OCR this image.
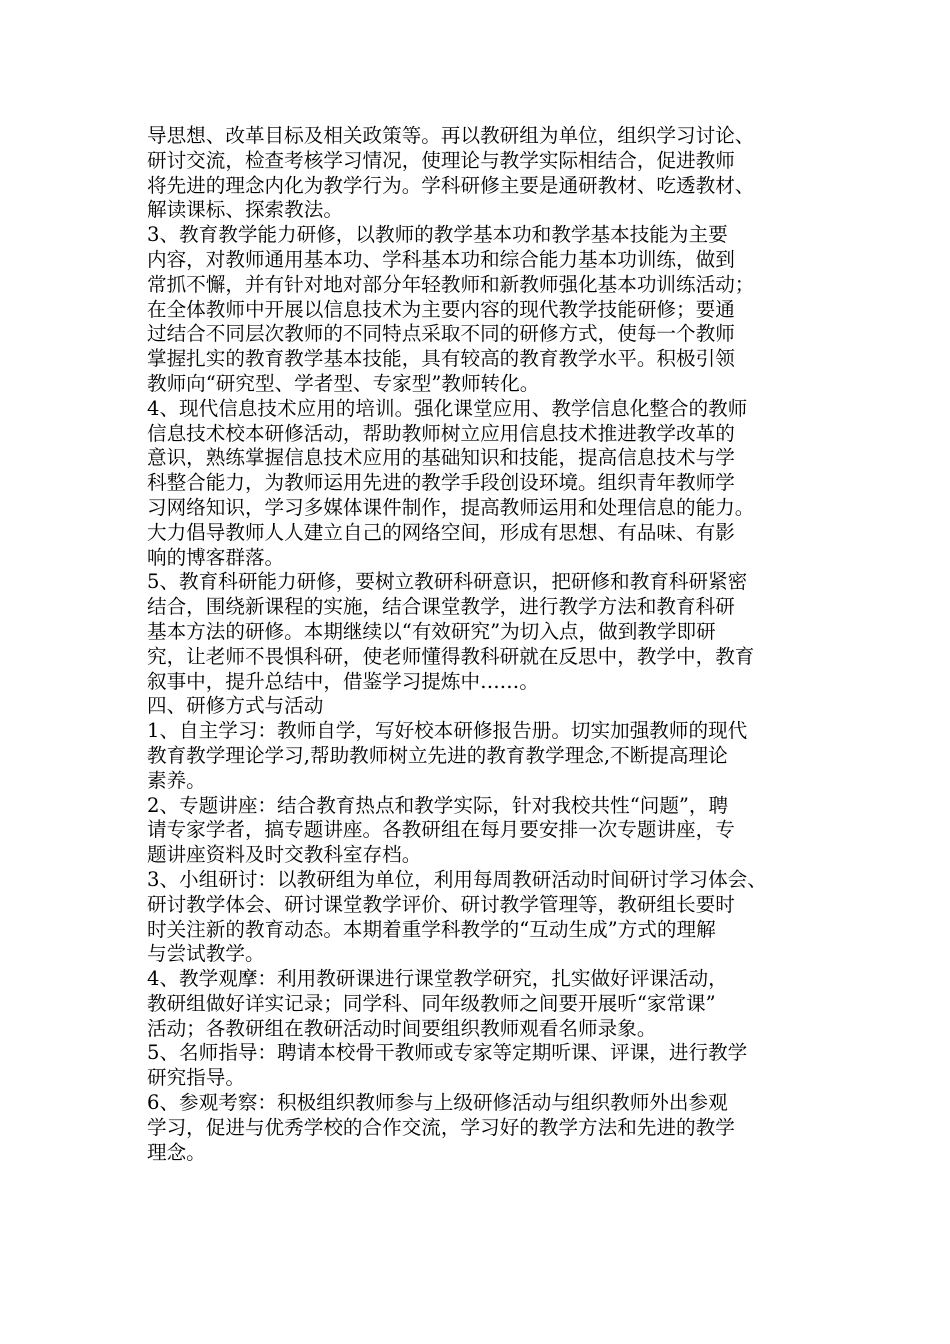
导思想、改革目标及相关政策等。再以教研组为单位，组织学习讨论、
研讨交流，检查考核学习情况，使理论与教学实际相结合，促进教师
将先进的理念内化为教学行为。学科研修主要是通研教材、吃透教材、
解读课标、探索教法。
3、教育教学能力研修，以教师的教学基本功和教学基本技能为主要
内容，对教师通用基本功、学科基本功和综合能力基本功训练，做到
常抓不懈，并有针对地对部分年轻教师和新教师强化基本功训练活动；
在全体教师中开展以信息技术为主要内容的现代教学技能研修；要通
过结合不同层次教师的不同特点采取不同的研修方式，使每一个教师
掌握扎实的教育教学基本技能，具有较高的教育教学水平。积极引领
教师向“研究型、学者型、专家型”教师转化。
4、现代信息技术应用的培训。强化课堂应用、教学信息化整合的教师
信息技术校本研修活动，帮助教师树立应用信息技术推进教学改革的
意识，熟练掌握信息技术应用的基础知识和技能，提高信息技术与学
科整合能力，为教师运用先进的教学手段创设环境。组织青年教师学
习网络知识，学习多媒体课件制作，提高教师运用和处理信息的能力。
大力倡导教师人人建立自己的网络空间，形成有思想、有品味、有影
响的博客群落。
5、教育科研能力研修，要树立教研科研意识，把研修和教育科研紧密
结合，围绕新课程的实施，结合课堂教学，进行教学方法和教育科研
基本方法的研修。本期继续以“有效研究”为切入点，做到教学即研
究，让老师不畏惧科研，使老师懂得教科研就在反思中，教学中，教育
叙事中，提升总结中，借鉴学习提炼中……。
四、研修方式与活动
1、自主学习：教师自学，写好校本研修报告册。切实加强教师的现代
教育教学理论学习,帮助教师树立先进的教育教学理念,不断提高理论
素养。
2、专题讲座：结合教育热点和教学实际，针对我校共性“问题”，聘
请专家学者，搞专题讲座。各教研组在每月要安排一次专题讲座，专
题讲座资料及时交教科室存档。
3、小组研讨：以教研组为单位，利用每周教研活动时间研讨学习体会、
研讨教学体会、研讨课堂教学评价、研讨教学管理等，教研组长要时
时关注新的教育动态。本期着重学科教学的“互动生成”方式的理解
与尝试教学。
4、教学观摩：利用教研课进行课堂教学研究，扎实做好评课活动，
教研组做好详实记录；同学科、同年级教师之间要开展听“家常课”
活动；各教研组在教研活动时间要组织教师观看名师录象。
5、名师指导：聘请本校骨干教师或专家等定期听课、评课，进行教学
研究指导。
6、参观考察：积极组织教师参与上级研修活动与组织教师外出参观
学习，促进与优秀学校的合作交流，学习好的教学方法和先进的教学
理念。
